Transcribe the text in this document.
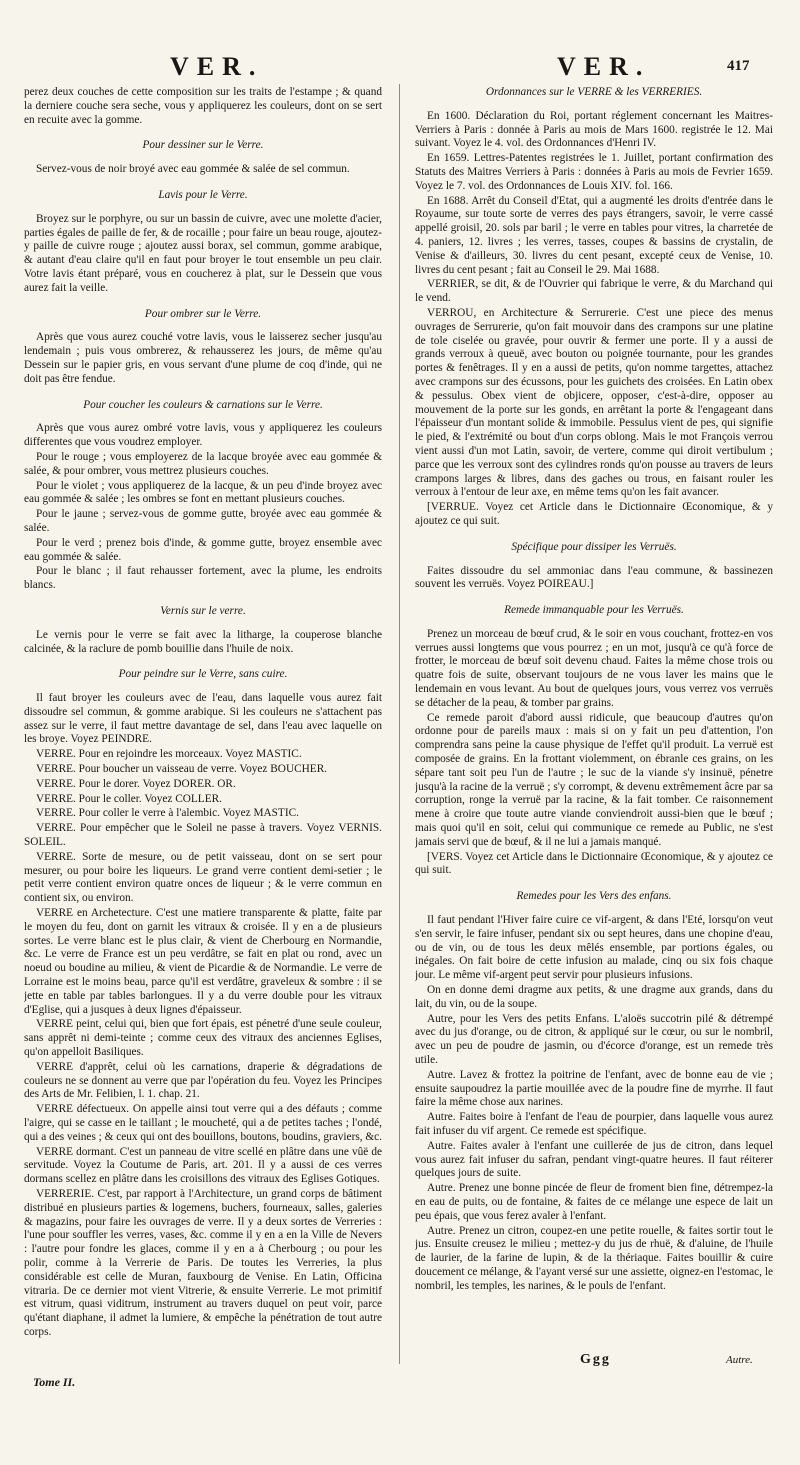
VER.	VER.	417
perez deux couches de cette composition sur les traits de l'estampe ; & quand la derniere couche sera seche, vous y appliquerez les couleurs, dont on se sert en recuite avec la gomme.
Pour dessiner sur le Verre.
Servez-vous de noir broyé avec eau gommée & salée de sel commun.
Lavis pour le Verre.
Broyez sur le porphyre, ou sur un bassin de cuivre, avec une molette d'acier, parties égales de paille de fer, & de rocaille ; pour faire un beau rouge, ajoutez-y paille de cuivre rouge ; ajoutez aussi borax, sel commun, gomme arabique, & autant d'eau claire qu'il en faut pour broyer le tout ensemble un peu clair. Votre lavis étant préparé, vous en coucherez à plat, sur le Dessein que vous aurez fait la veille.
Pour ombrer sur le Verre.
Après que vous aurez couché votre lavis, vous le laisserez secher jusqu'au lendemain ; puis vous ombrerez, & rehausserez les jours, de même qu'au Dessein sur le papier gris, en vous servant d'une plume de coq d'inde, qui ne doit pas être fendue.
Pour coucher les couleurs & carnations sur le Verre.
Après que vous aurez ombré votre lavis, vous y appliquerez les couleurs differentes que vous voudrez employer.
Pour le rouge ; vous employerez de la lacque broyée avec eau gommée & salée, & pour ombrer, vous mettrez plusieurs couches.
Pour le violet ; vous appliquerez de la lacque, & un peu d'inde broyez avec eau gommée & salée ; les ombres se font en mettant plusieurs couches.
Pour le jaune ; servez-vous de gomme gutte, broyée avec eau gommée & salée.
Pour le verd ; prenez bois d'inde, & gomme gutte, broyez ensemble avec eau gommée & salée.
Pour le blanc ; il faut rehausser fortement, avec la plume, les endroits blancs.
Vernis sur le verre.
Le vernis pour le verre se fait avec la litharge, la couperose blanche calcinée, & la raclure de pomb bouillie dans l'huile de noix.
Pour peindre sur le Verre, sans cuire.
Il faut broyer les couleurs avec de l'eau, dans laquelle vous aurez fait dissoudre sel commun, & gomme arabique. Si les couleurs ne s'attachent pas assez sur le verre, il faut mettre davantage de sel, dans l'eau avec laquelle on les broye. Voyez PEINDRE.
VERRE. Pour en rejoindre les morceaux. Voyez MASTIC.
VERRE. Pour boucher un vaisseau de verre. Voyez BOUCHER.
VERRE. Pour le dorer. Voyez DORER. OR.
VERRE. Pour le coller. Voyez COLLER.
VERRE. Pour coller le verre à l'alembic. Voyez MASTIC.
VERRE. Pour empêcher que le Soleil ne passe à travers. Voyez VERNIS. SOLEIL.
VERRE. Sorte de mesure, ou de petit vaisseau, dont on se sert pour mesurer, ou pour boire les liqueurs. Le grand verre contient demi-setier ; le petit verre contient environ quatre onces de liqueur ; & le verre commun en contient six, ou environ.
VERRE en Archetecture. C'est une matiere transparente & platte, faite par le moyen du feu, dont on garnit les vitraux & croisée. Il y en a de plusieurs sortes. Le verre blanc est le plus clair, & vient de Cherbourg en Normandie, &c. Le verre de France est un peu verdâtre, se fait en plat ou rond, avec un noeud ou boudine au milieu, & vient de Picardie & de Normandie. Le verre de Lorraine est le moins beau, parce qu'il est verdâtre, graveleux & sombre : il se jette en table par tables barlongues. Il y a du verre double pour les vitraux d'Eglise, qui a jusques à deux lignes d'épaisseur.
VERRE peint, celui qui, bien que fort épais, est pénetré d'une seule couleur, sans apprêt ni demi-teinte ; comme ceux des vitraux des anciennes Eglises, qu'on appelloit Basiliques.
VERRE d'apprêt, celui où les carnations, draperie & dégradations de couleurs ne se donnent au verre que par l'opération du feu. Voyez les Principes des Arts de Mr. Felibien, l. 1. chap. 21.
VERRE défectueux. On appelle ainsi tout verre qui a des défauts ; comme l'aigre, qui se casse en le taillant ; le moucheté, qui a de petites taches ; l'ondé, qui a des veines ; & ceux qui ont des bouillons, boutons, boudins, graviers, &c.
VERRE dormant. C'est un panneau de vitre scellé en plâtre dans une vûë de servitude. Voyez la Coutume de Paris, art. 201. Il y a aussi de ces verres dormans scellez en plâtre dans les croisillons des vitraux des Eglises Gotiques.
VERRERIE. C'est, par rapport à l'Architecture, un grand corps de bâtiment distribué en plusieurs parties & logemens, buchers, fourneaux, salles, galeries & magazins, pour faire les ouvrages de verre. Il y a deux sortes de Verreries : l'une pour souffler les verres, vases, &c. comme il y en a en la Ville de Nevers : l'autre pour fondre les glaces, comme il y en a à Cherbourg ; ou pour les polir, comme à la Verrerie de Paris. De toutes les Verreries, la plus considérable est celle de Muran, fauxbourg de Venise. En Latin, Officina vitraria. De ce dernier mot vient Vitrerie, & ensuite Verrerie. Le mot primitif est vitrum, quasi viditrum, instrument au travers duquel on peut voir, parce qu'étant diaphane, il admet la lumiere, & empêche la pénétration de tout autre corps.
Ordonnances sur le VERRE & les VERRERIES.
En 1600. Déclaration du Roi, portant réglement concernant les Maitres-Verriers à Paris : donnée à Paris au mois de Mars 1600. registrée le 12. Mai suivant. Voyez le 4. vol. des Ordonnances d'Henri IV.
En 1659. Lettres-Patentes registrées le 1. Juillet, portant confirmation des Statuts des Maitres Verriers à Paris : données à Paris au mois de Fevrier 1659. Voyez le 7. vol. des Ordonnances de Louis XIV. fol. 166.
En 1688. Arrêt du Conseil d'Etat, qui a augmenté les droits d'entrée dans le Royaume, sur toute sorte de verres des pays étrangers, savoir, le verre cassé appellé groisil, 20. sols par baril ; le verre en tables pour vitres, la charretée de 4. paniers, 12. livres ; les verres, tasses, coupes & bassins de crystalin, de Venise & d'ailleurs, 30. livres du cent pesant, excepté ceux de Venise, 10. livres du cent pesant ; fait au Conseil le 29. Mai 1688.
VERRIER, se dit, & de l'Ouvrier qui fabrique le verre, & du Marchand qui le vend.
VERROU, en Architecture & Serrurerie. C'est une piece des menus ouvrages de Serrurerie, qu'on fait mouvoir dans des crampons sur une platine de tole ciselée ou gravée, pour ouvrir & fermer une porte. Il y a aussi de grands verroux à queuë, avec bouton ou poignée tournante, pour les grandes portes & fenêtrages. Il y en a aussi de petits, qu'on nomme targettes, attachez avec crampons sur des écussons, pour les guichets des croisées. En Latin obex & pessulus. Obex vient de objicere, opposer, c'est-à-dire, opposer au mouvement de la porte sur les gonds, en arrêtant la porte & l'engageant dans l'épaisseur d'un montant solide & immobile. Pessulus vient de pes, qui signifie le pied, & l'extrémité ou bout d'un corps oblong. Mais le mot François verrou vient aussi d'un mot Latin, savoir, de vertere, comme qui diroit vertibulum ; parce que les verroux sont des cylindres ronds qu'on pousse au travers de leurs crampons larges & libres, dans des gaches ou trous, en faisant rouler les verroux à l'entour de leur axe, en même tems qu'on les fait avancer.
[VERRUE. Voyez cet Article dans le Dictionnaire Œconomique, & y ajoutez ce qui suit.
Spécifique pour dissiper les Verruës.
Faites dissoudre du sel ammoniac dans l'eau commune, & bassinezen souvent les verruës. Voyez POIREAU.]
Remede immanquable pour les Verruës.
Prenez un morceau de bœuf crud, & le soir en vous couchant, frottez-en vos verrues aussi longtems que vous pourrez ; en un mot, jusqu'à ce qu'à force de frotter, le morceau de bœuf soit devenu chaud. Faites la même chose trois ou quatre fois de suite, observant toujours de ne vous laver les mains que le lendemain en vous levant. Au bout de quelques jours, vous verrez vos verruës se détacher de la peau, & tomber par grains.
Ce remede paroit d'abord aussi ridicule, que beaucoup d'autres qu'on ordonne pour de pareils maux : mais si on y fait un peu d'attention, l'on comprendra sans peine la cause physique de l'effet qu'il produit. La verruë est composée de grains. En la frottant violemment, on ébranle ces grains, on les sépare tant soit peu l'un de l'autre ; le suc de la viande s'y insinuë, pénetre jusqu'à la racine de la verruë ; s'y corrompt, & devenu extrêmement âcre par sa corruption, ronge la verruë par la racine, & la fait tomber. Ce raisonnement mene à croire que toute autre viande conviendroit aussi-bien que le bœuf ; mais quoi qu'il en soit, celui qui communique ce remede au Public, ne s'est jamais servi que de bœuf, & il ne lui a jamais manqué.
[VERS. Voyez cet Article dans le Dictionnaire Œconomique, & y ajoutez ce qui suit.
Remedes pour les Vers des enfans.
Il faut pendant l'Hiver faire cuire ce vif-argent, & dans l'Eté, lorsqu'on veut s'en servir, le faire infuser, pendant six ou sept heures, dans une chopine d'eau, ou de vin, ou de tous les deux mêlés ensemble, par portions égales, ou inégales. On fait boire de cette infusion au malade, cinq ou six fois chaque jour. Le même vif-argent peut servir pour plusieurs infusions.
On en donne demi dragme aux petits, & une dragme aux grands, dans du lait, du vin, ou de la soupe.
Autre, pour les Vers des petits Enfans. L'aloës succotrin pilé & détrempé avec du jus d'orange, ou de citron, & appliqué sur le cœur, ou sur le nombril, avec un peu de poudre de jasmin, ou d'écorce d'orange, est un remede très utile.
Autre. Lavez & frottez la poitrine de l'enfant, avec de bonne eau de vie ; ensuite saupoudrez la partie mouillée avec de la poudre fine de myrrhe. Il faut faire la même chose aux narines.
Autre. Faites boire à l'enfant de l'eau de pourpier, dans laquelle vous aurez fait infuser du vif argent. Ce remede est spécifique.
Autre. Faites avaler à l'enfant une cuillerée de jus de citron, dans lequel vous aurez fait infuser du safran, pendant vingt-quatre heures. Il faut réiterer quelques jours de suite.
Autre. Prenez une bonne pincée de fleur de froment bien fine, détrempez-la en eau de puits, ou de fontaine, & faites de ce mélange une espece de lait un peu épais, que vous ferez avaler à l'enfant.
Autre. Prenez un citron, coupez-en une petite rouelle, & faites sortir tout le jus. Ensuite creusez le milieu ; mettez-y du jus de rhuë, & d'aluine, de l'huile de laurier, de la farine de lupin, & de la thériaque. Faites bouillir & cuire doucement ce mélange, & l'ayant versé sur une assiette, oignez-en l'estomac, le nombril, les temples, les narines, & le pouls de l'enfant.
Tome II.
Ggg	Autre.
